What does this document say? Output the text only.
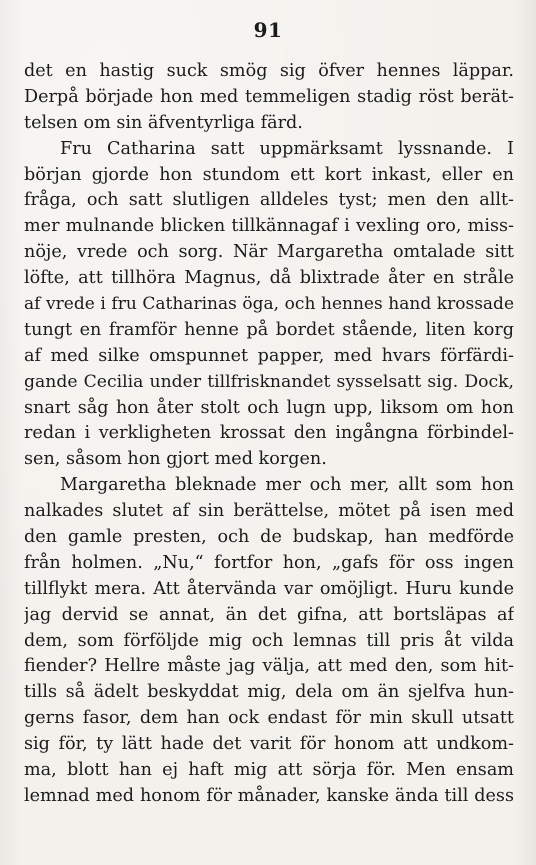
91
det en hastig suck smög sig öfver hennes läppar.
Derpå började hon med temmeligen stadig röst berät-
telsen om sin äfventyrliga färd.
Fru Catharina satt uppmärksamt lyssnande. I
början gjorde hon stundom ett kort inkast, eller en
fråga, och satt slutligen alldeles tyst; men den allt-
mer mulnande blicken tillkännagaf i vexling oro, miss-
nöje, vrede och sorg. När Margaretha omtalade sitt
löfte, att tillhöra Magnus, då blixtrade åter en stråle
af vrede i fru Catharinas öga, och hennes hand krossade
tungt en framför henne på bordet stående, liten korg
af med silke omspunnet papper, med hvars förfärdi-
gande Cecilia under tillfrisknandet sysselsatt sig. Dock,
snart såg hon åter stolt och lugn upp, liksom om hon
redan i verkligheten krossat den ingångna förbindel-
sen, såsom hon gjort med korgen.
Margaretha bleknade mer och mer, allt som hon
nalkades slutet af sin berättelse, mötet på isen med
den gamle presten, och de budskap, han medförde
från holmen. „Nu,“ fortfor hon, „gafs för oss ingen
tillflykt mera. Att återvända var omöjligt. Huru kunde
jag dervid se annat, än det gifna, att bortsläpas af
dem, som förföljde mig och lemnas till pris åt vilda
fiender? Hellre måste jag välja, att med den, som hit-
tills så ädelt beskyddat mig, dela om än sjelfva hun-
gerns fasor, dem han ock endast för min skull utsatt
sig för, ty lätt hade det varit för honom att undkom-
ma, blott han ej haft mig att sörja för. Men ensam
lemnad med honom för månader, kanske ända till dess
